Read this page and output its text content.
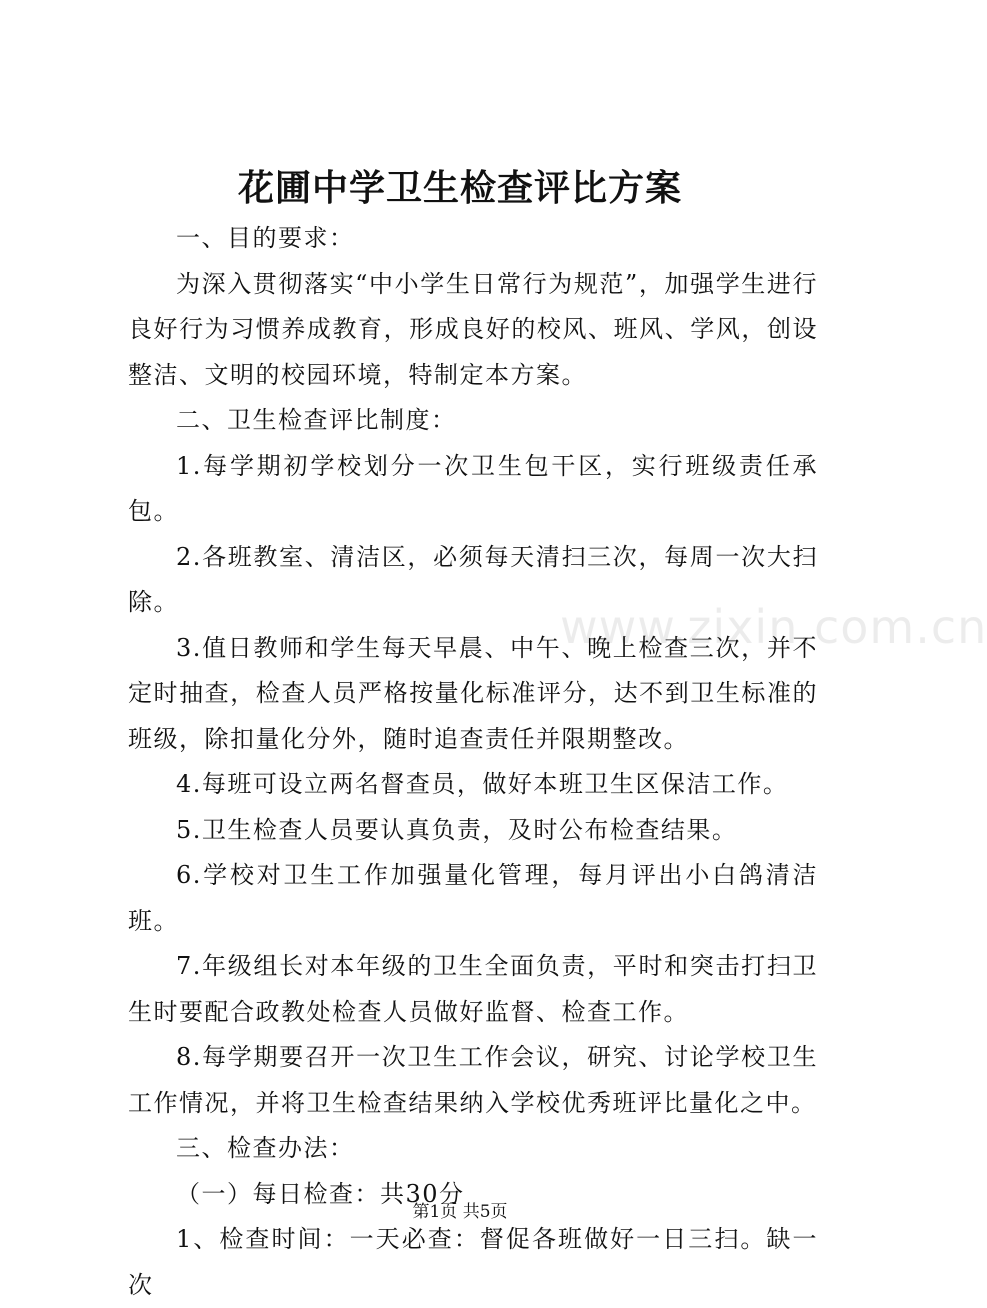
花圃中学卫生检查评比方案

一、目的要求：

为深入贯彻落实“中小学生日常行为规范”，加强学生进行良好行为习惯养成教育，形成良好的校风、班风、学风，创设整洁、文明的校园环境，特制定本方案。

二、卫生检查评比制度：

1.每学期初学校划分一次卫生包干区，实行班级责任承包。

2.各班教室、清洁区，必须每天清扫三次，每周一次大扫除。

3.值日教师和学生每天早晨、中午、晚上检查三次，并不定时抽查，检查人员严格按量化标准评分，达不到卫生标准的班级，除扣量化分外，随时追查责任并限期整改。

4.每班可设立两名督查员，做好本班卫生区保洁工作。

5.卫生检查人员要认真负责，及时公布检查结果。

6.学校对卫生工作加强量化管理，每月评出小白鸽清洁班。

7.年级组长对本年级的卫生全面负责，平时和突击打扫卫生时要配合政教处检查人员做好监督、检查工作。

8.每学期要召开一次卫生工作会议，研究、讨论学校卫生工作情况，并将卫生检查结果纳入学校优秀班评比量化之中。

三、检查办法：

（一）每日检查：共30分

1、检查时间：一天必查：督促各班做好一日三扫。缺一次

www.zixin.com.cn
第1页 共5页
